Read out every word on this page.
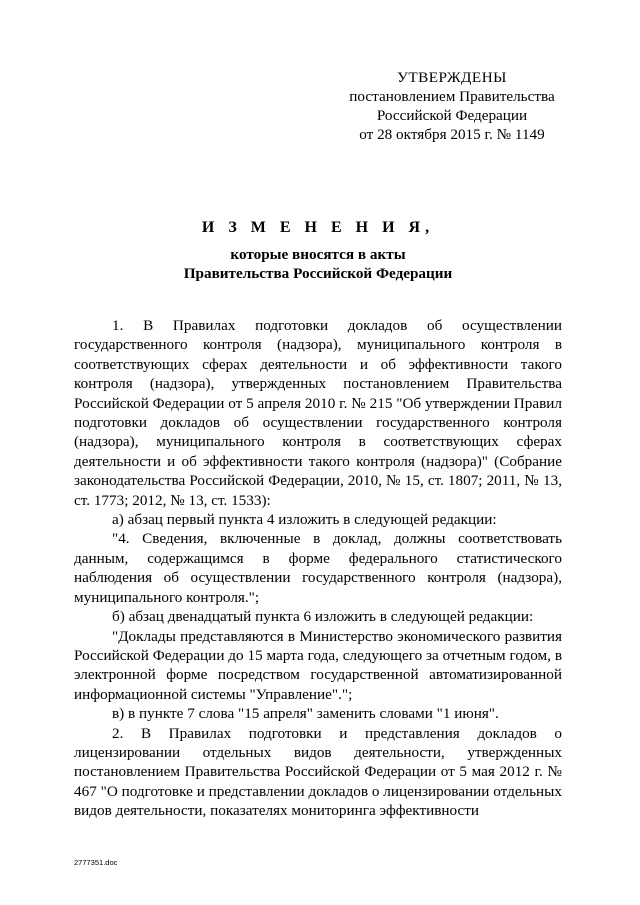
УТВЕРЖДЕНЫ
постановлением Правительства
Российской Федерации
от 28 октября 2015 г. № 1149
И З М Е Н Е Н И Я,
которые вносятся в акты
Правительства Российской Федерации

1. В Правилах подготовки докладов об осуществлении государственного контроля (надзора), муниципального контроля в соответствующих сферах деятельности и об эффективности такого контроля (надзора), утвержденных постановлением Правительства Российской Федерации от 5 апреля 2010 г. № 215 "Об утверждении Правил подготовки докладов об осуществлении государственного контроля (надзора), муниципального контроля в соответствующих сферах деятельности и об эффективности такого контроля (надзора)" (Собрание законодательства Российской Федерации, 2010, № 15, ст. 1807; 2011, № 13, ст. 1773; 2012, № 13, ст. 1533):

а) абзац первый пункта 4 изложить в следующей редакции:

"4. Сведения, включенные в доклад, должны соответствовать данным, содержащимся в форме федерального статистического наблюдения об осуществлении государственного контроля (надзора), муниципального контроля.";

б) абзац двенадцатый пункта 6 изложить в следующей редакции:

"Доклады представляются в Министерство экономического развития Российской Федерации до 15 марта года, следующего за отчетным годом, в электронной форме посредством государственной автоматизированной информационной системы "Управление".";

в) в пункте 7 слова "15 апреля" заменить словами "1 июня".

2. В Правилах подготовки и представления докладов о лицензировании отдельных видов деятельности, утвержденных постановлением Правительства Российской Федерации от 5 мая 2012 г. № 467 "О подготовке и представлении докладов о лицензировании отдельных видов деятельности, показателях мониторинга эффективности

2777351.doc
